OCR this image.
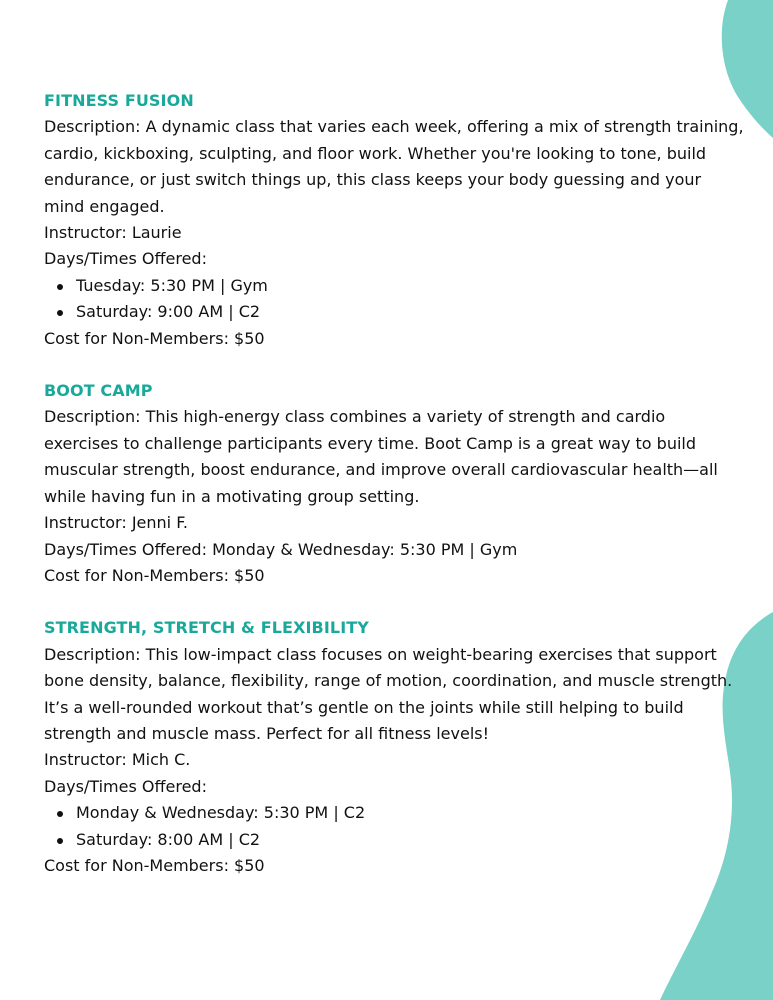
FITNESS FUSION
Description: A dynamic class that varies each week, offering a mix of strength training,
cardio, kickboxing, sculpting, and floor work. Whether you're looking to tone, build
endurance, or just switch things up, this class keeps your body guessing and your
mind engaged.
Instructor: Laurie
Days/Times Offered:
Tuesday: 5:30 PM | Gym
Saturday: 9:00 AM | C2
Cost for Non-Members: $50
BOOT CAMP
Description: This high-energy class combines a variety of strength and cardio
exercises to challenge participants every time. Boot Camp is a great way to build
muscular strength, boost endurance, and improve overall cardiovascular health—all
while having fun in a motivating group setting.
Instructor: Jenni F.
Days/Times Offered: Monday & Wednesday: 5:30 PM | Gym
Cost for Non-Members: $50
STRENGTH, STRETCH & FLEXIBILITY
Description: This low-impact class focuses on weight-bearing exercises that support
bone density, balance, flexibility, range of motion, coordination, and muscle strength.
It’s a well-rounded workout that’s gentle on the joints while still helping to build
strength and muscle mass. Perfect for all fitness levels!
Instructor: Mich C.
Days/Times Offered:
Monday & Wednesday: 5:30 PM | C2
Saturday: 8:00 AM | C2
Cost for Non-Members: $50
